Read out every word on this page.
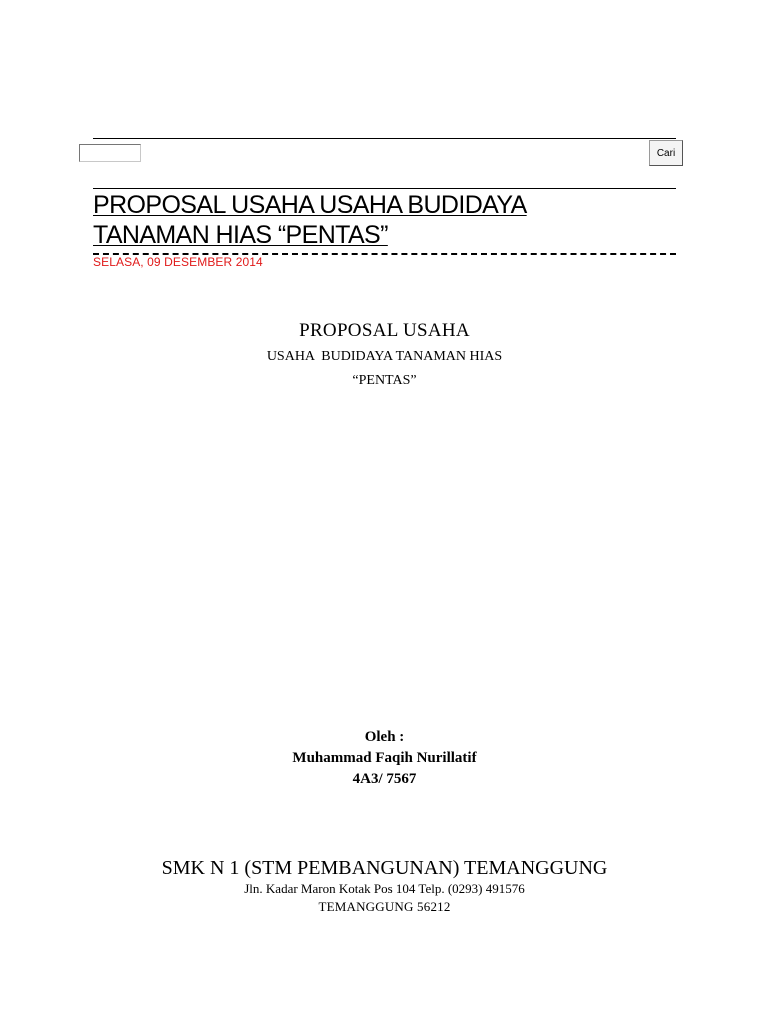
Cari
PROPOSAL USAHA USAHA BUDIDAYA
TANAMAN HIAS “PENTAS”
SELASA, 09 DESEMBER 2014
PROPOSAL USAHA
USAHA  BUDIDAYA TANAMAN HIAS
“PENTAS”
Oleh :
Muhammad Faqih Nurillatif
4A3/ 7567
SMK N 1 (STM PEMBANGUNAN) TEMANGGUNG
Jln. Kadar Maron Kotak Pos 104 Telp. (0293) 491576
TEMANGGUNG 56212
